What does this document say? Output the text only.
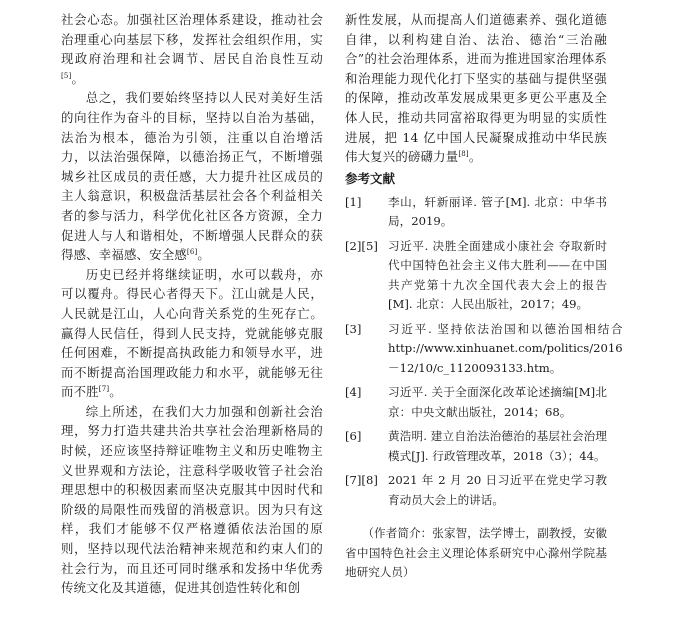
社会心态。加强社区治理体系建设，推动社会治理重心向基层下移，发挥社会组织作用，实现政府治理和社会调节、居民自治良性互动[5]。

总之，我们要始终坚持以人民对美好生活的向往作为奋斗的目标，坚持以自治为基础，法治为根本，德治为引领，注重以自治增活力，以法治强保障，以德治扬正气，不断增强城乡社区成员的责任感，大力提升社区成员的主人翁意识，积极盘活基层社会各个利益相关者的参与活力，科学优化社区各方资源，全力促进人与人和谐相处，不断增强人民群众的获得感、幸福感、安全感[6]。

历史已经并将继续证明，水可以载舟，亦可以覆舟。得民心者得天下。江山就是人民，人民就是江山，人心向背关系党的生死存亡。赢得人民信任，得到人民支持，党就能够克服任何困难，不断提高执政能力和领导水平，进而不断提高治国理政能力和水平，就能够无往而不胜[7]。

综上所述，在我们大力加强和创新社会治理，努力打造共建共治共享社会治理新格局的时候，还应该坚持辩证唯物主义和历史唯物主义世界观和方法论，注意科学吸收管子社会治理思想中的积极因素而坚决克服其中因时代和阶级的局限性而残留的消极意识。因为只有这样，我们才能够不仅严格遵循依法治国的原则，坚持以现代法治精神来规范和约束人们的社会行为，而且还可同时继承和发扬中华优秀传统文化及其道德，促进其创造性转化和创

新性发展，从而提高人们道德素养、强化道德自律，以利构建自治、法治、德治“三治融合”的社会治理体系，进而为推进国家治理体系和治理能力现代化打下坚实的基础与提供坚强的保障，推动改革发展成果更多更公平惠及全体人民，推动共同富裕取得更为明显的实质性进展，把 14 亿中国人民凝聚成推动中华民族伟大复兴的磅礴力量[8]。

参考文献
[1]	李山，轩新丽译. 管子[M]. 北京：中华书局，2019。
[2][5] 习近平. 决胜全面建成小康社会 夺取新时代中国特色社会主义伟大胜利——在中国共产党第十九次全国代表大会上的报告[M]. 北京：人民出版社，2017；49。
[3]	习近平. 坚持依法治国和以德治国相结合 http://www.xinhuanet.com/politics/2016－12/10/c_1120093133.htm。
[4]	习近平. 关于全面深化改革论述摘编[M]北京：中央文献出版社，2014；68。
[6]	黄浩明. 建立自治法治德治的基层社会治理模式[J]. 行政管理改革，2018（3）；44。
[7][8] 2021 年 2 月 20 日习近平在党史学习教育动员大会上的讲话。
（作者简介：张家智，法学博士，副教授，安徽省中国特色社会主义理论体系研究中心滁州学院基地研究人员）
